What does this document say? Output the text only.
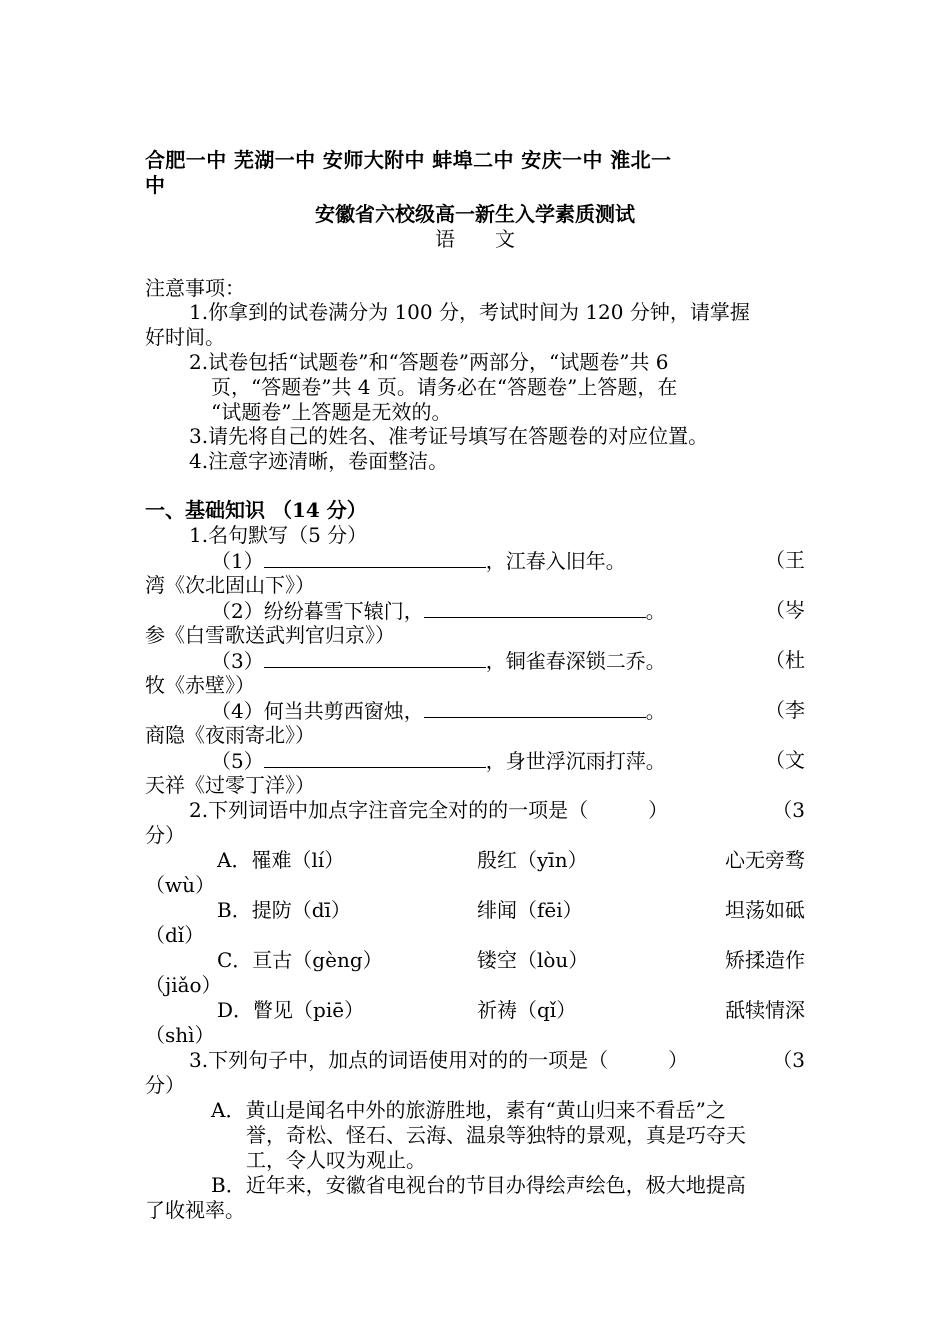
合肥一中 芜湖一中 安师大附中 蚌埠二中 安庆一中 淮北一
中
安徽省六校级高一新生入学素质测试
语　　文
注意事项：
1.你拿到的试卷满分为 100 分，考试时间为 120 分钟，请掌握
好时间。
2.试卷包括“试题卷”和“答题卷”两部分，“试题卷”共 6
页，“答题卷”共 4 页。请务必在“答题卷”上答题，在
“试题卷”上答题是无效的。
3.请先将自己的姓名、准考证号填写在答题卷的对应位置。
4.注意字迹清晰，卷面整洁。
一、基础知识 （14 分）
1.名句默写（5 分）
（1）	，江春入旧年。	（王
湾《次北固山下》）
（2）纷纷暮雪下辕门，	。	（岑
参《白雪歌送武判官归京》）
（3）	，铜雀春深锁二乔。	（杜
牧《赤壁》）
（4）何当共剪西窗烛，	。	（李
商隐《夜雨寄北》）
（5）	，身世浮沉雨打萍。	（文
天祥《过零丁洋》）
2.下列词语中加点字注音完全对的的一项是（　　　）	（3
分）
A．罹难（lí）	殷红（yīn）	心无旁骛
（wù）
B．提防（dī）	绯闻（fēi）	坦荡如砥
（dǐ）
C．亘古（gèng）	镂空（lòu）	矫揉造作
（jiǎo）
D．瞥见（piē）	祈祷（qǐ）	舐犊情深
（shì）
3.下列句子中，加点的词语使用对的的一项是（　　　）	（3
分）
A．黄山是闻名中外的旅游胜地，素有“黄山归来不看岳”之
誉，奇松、怪石、云海、温泉等独特的景观，真是巧夺天
工，令人叹为观止。
B．近年来，安徽省电视台的节目办得绘声绘色，极大地提高
了收视率。
